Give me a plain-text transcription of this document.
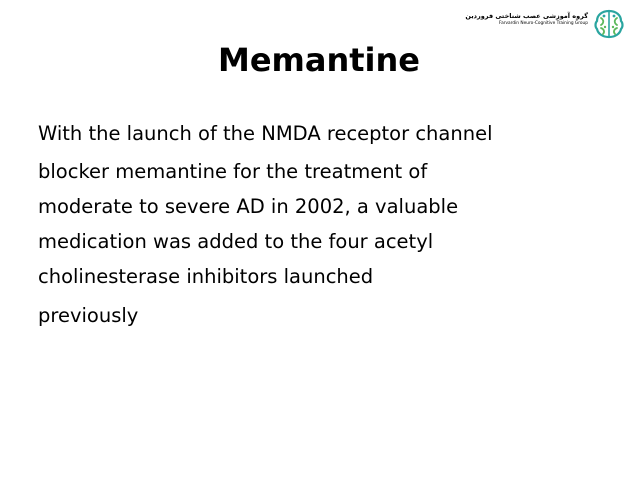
گروه آموزشی عصب شناختی فروردین
Farvardin Neuro-Cognitive Training Group
Memantine

With the launch of the NMDA receptor channel

blocker memantine for the treatment of
moderate to severe AD in 2002, a valuable
medication was added to the four acetyl
cholinesterase inhibitors launched

previously
